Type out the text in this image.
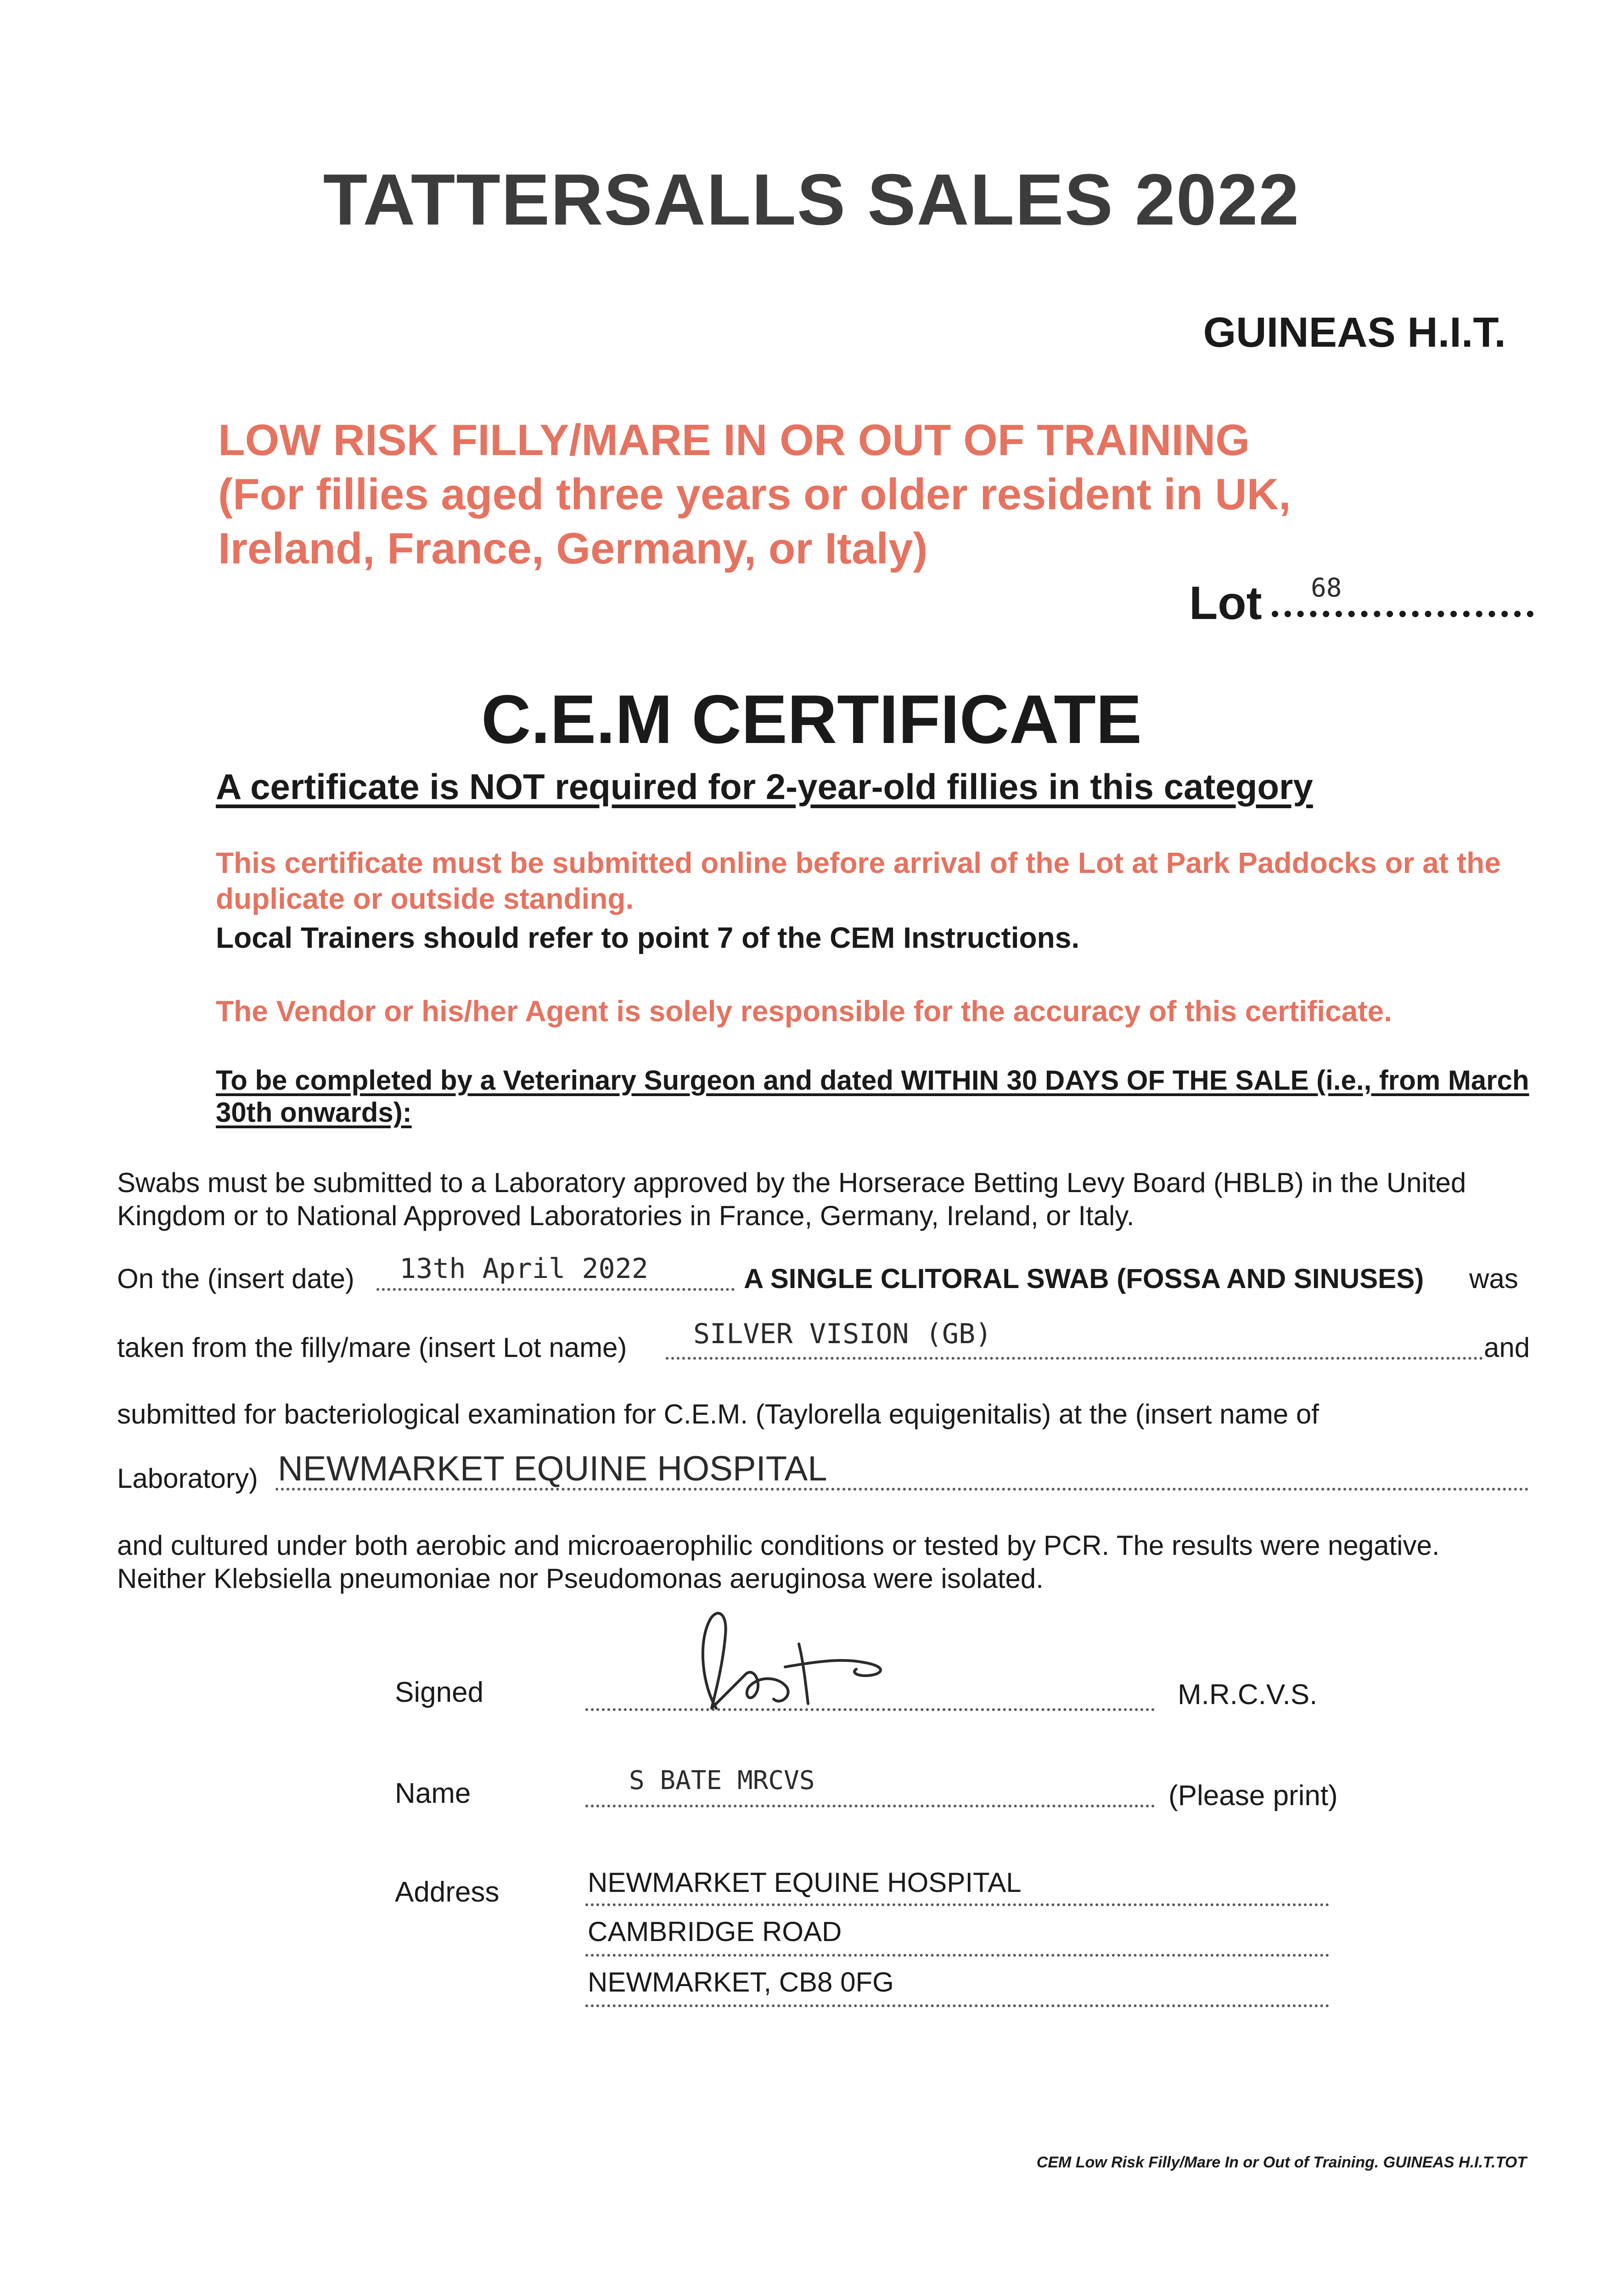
TATTERSALLS SALES 2022
GUINEAS H.I.T.
LOW RISK FILLY/MARE IN OR OUT OF TRAINING
(For fillies aged three years or older resident in UK,
Ireland, France, Germany, or Italy)
Lot 68
C.E.M CERTIFICATE
A certificate is NOT required for 2-year-old fillies in this category
This certificate must be submitted online before arrival of the Lot at Park Paddocks or at the duplicate or outside standing.
Local Trainers should refer to point 7 of the CEM Instructions.
The Vendor or his/her Agent is solely responsible for the accuracy of this certificate.
To be completed by a Veterinary Surgeon and dated WITHIN 30 DAYS OF THE SALE (i.e., from March 30th onwards):
Swabs must be submitted to a Laboratory approved by the Horserace Betting Levy Board (HBLB) in the United Kingdom or to National Approved Laboratories in France, Germany, Ireland, or Italy.
On the (insert date) 13th April 2022	A SINGLE CLITORAL SWAB (FOSSA AND SINUSES) was
taken from the filly/mare (insert Lot name) SILVER VISION (GB)	and
submitted for bacteriological examination for C.E.M. (Taylorella equigenitalis) at the (insert name of
Laboratory) NEWMARKET EQUINE HOSPITAL
and cultured under both aerobic and microaerophilic conditions or tested by PCR. The results were negative. Neither Klebsiella pneumoniae nor Pseudomonas aeruginosa were isolated.
Signed	M.R.C.V.S.
Name	S BATE MRCVS	(Please print)
Address	NEWMARKET EQUINE HOSPITAL
CAMBRIDGE ROAD
NEWMARKET, CB8 0FG
CEM Low Risk Filly/Mare In or Out of Training. GUINEAS H.I.T.TOT
